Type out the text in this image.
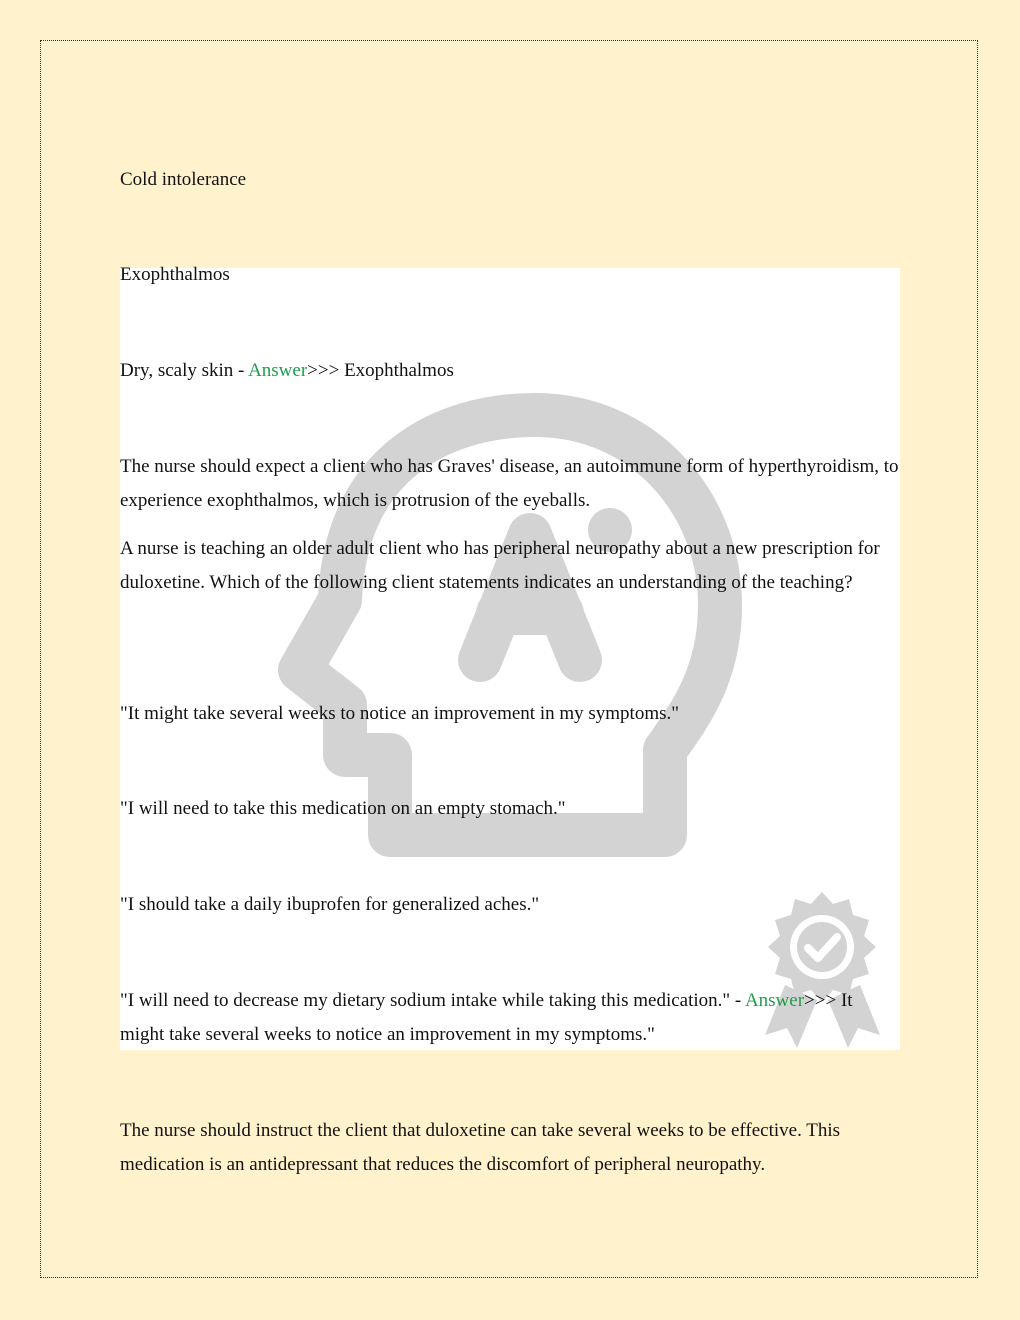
Cold intolerance

Exophthalmos

Dry, scaly skin - Answer>>> Exophthalmos

The nurse should expect a client who has Graves' disease, an autoimmune form of hyperthyroidism, to experience exophthalmos, which is protrusion of the eyeballs.

A nurse is teaching an older adult client who has peripheral neuropathy about a new prescription for duloxetine. Which of the following client statements indicates an understanding of the teaching?

"It might take several weeks to notice an improvement in my symptoms."

"I will need to take this medication on an empty stomach."

"I should take a daily ibuprofen for generalized aches."

"I will need to decrease my dietary sodium intake while taking this medication." - Answer>>> It might take several weeks to notice an improvement in my symptoms."

The nurse should instruct the client that duloxetine can take several weeks to be effective. This medication is an antidepressant that reduces the discomfort of peripheral neuropathy.
